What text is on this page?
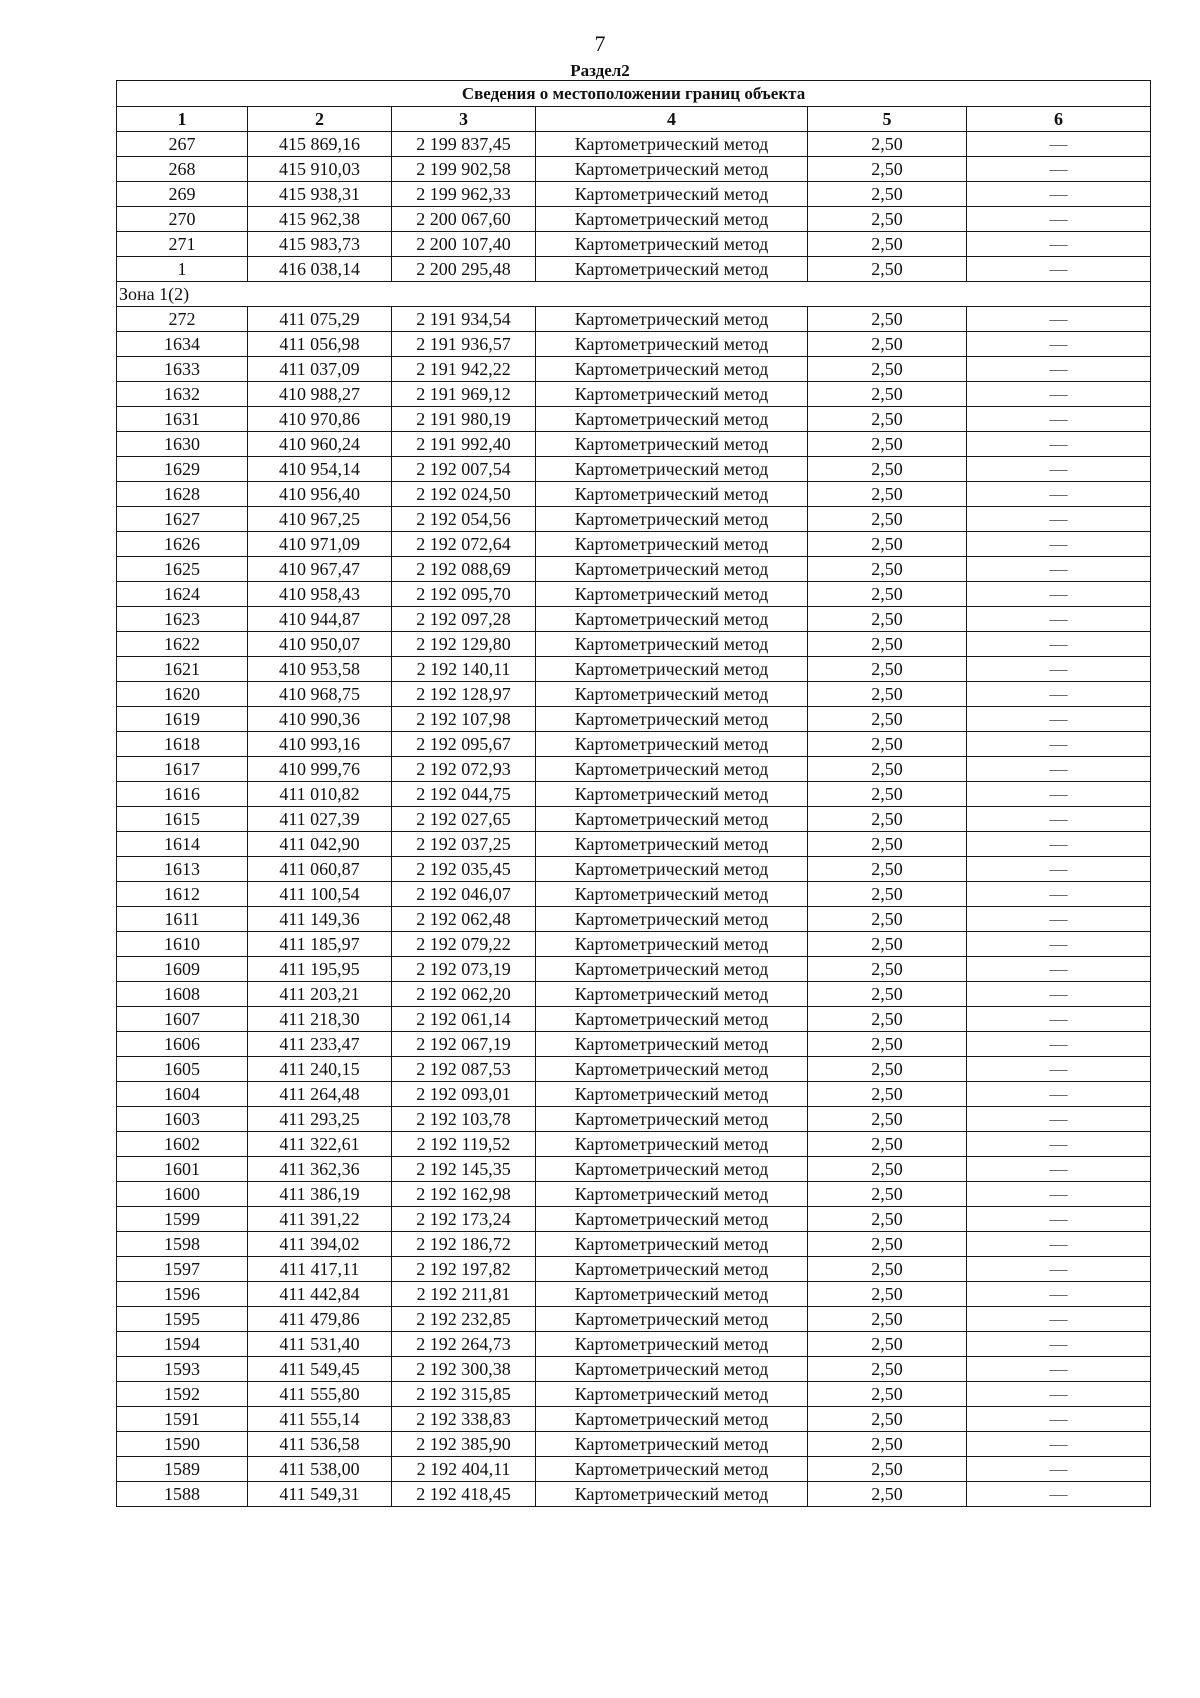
7
Раздел2
Сведения о местоположении границ объекта					
1	2	3	4	5	6
267	415 869,16	2 199 837,45	Картометрический метод	2,50	—
268	415 910,03	2 199 902,58	Картометрический метод	2,50	—
269	415 938,31	2 199 962,33	Картометрический метод	2,50	—
270	415 962,38	2 200 067,60	Картометрический метод	2,50	—
271	415 983,73	2 200 107,40	Картометрический метод	2,50	—
1	416 038,14	2 200 295,48	Картометрический метод	2,50	—
Зона 1(2)					
272	411 075,29	2 191 934,54	Картометрический метод	2,50	—
1634	411 056,98	2 191 936,57	Картометрический метод	2,50	—
1633	411 037,09	2 191 942,22	Картометрический метод	2,50	—
1632	410 988,27	2 191 969,12	Картометрический метод	2,50	—
1631	410 970,86	2 191 980,19	Картометрический метод	2,50	—
1630	410 960,24	2 191 992,40	Картометрический метод	2,50	—
1629	410 954,14	2 192 007,54	Картометрический метод	2,50	—
1628	410 956,40	2 192 024,50	Картометрический метод	2,50	—
1627	410 967,25	2 192 054,56	Картометрический метод	2,50	—
1626	410 971,09	2 192 072,64	Картометрический метод	2,50	—
1625	410 967,47	2 192 088,69	Картометрический метод	2,50	—
1624	410 958,43	2 192 095,70	Картометрический метод	2,50	—
1623	410 944,87	2 192 097,28	Картометрический метод	2,50	—
1622	410 950,07	2 192 129,80	Картометрический метод	2,50	—
1621	410 953,58	2 192 140,11	Картометрический метод	2,50	—
1620	410 968,75	2 192 128,97	Картометрический метод	2,50	—
1619	410 990,36	2 192 107,98	Картометрический метод	2,50	—
1618	410 993,16	2 192 095,67	Картометрический метод	2,50	—
1617	410 999,76	2 192 072,93	Картометрический метод	2,50	—
1616	411 010,82	2 192 044,75	Картометрический метод	2,50	—
1615	411 027,39	2 192 027,65	Картометрический метод	2,50	—
1614	411 042,90	2 192 037,25	Картометрический метод	2,50	—
1613	411 060,87	2 192 035,45	Картометрический метод	2,50	—
1612	411 100,54	2 192 046,07	Картометрический метод	2,50	—
1611	411 149,36	2 192 062,48	Картометрический метод	2,50	—
1610	411 185,97	2 192 079,22	Картометрический метод	2,50	—
1609	411 195,95	2 192 073,19	Картометрический метод	2,50	—
1608	411 203,21	2 192 062,20	Картометрический метод	2,50	—
1607	411 218,30	2 192 061,14	Картометрический метод	2,50	—
1606	411 233,47	2 192 067,19	Картометрический метод	2,50	—
1605	411 240,15	2 192 087,53	Картометрический метод	2,50	—
1604	411 264,48	2 192 093,01	Картометрический метод	2,50	—
1603	411 293,25	2 192 103,78	Картометрический метод	2,50	—
1602	411 322,61	2 192 119,52	Картометрический метод	2,50	—
1601	411 362,36	2 192 145,35	Картометрический метод	2,50	—
1600	411 386,19	2 192 162,98	Картометрический метод	2,50	—
1599	411 391,22	2 192 173,24	Картометрический метод	2,50	—
1598	411 394,02	2 192 186,72	Картометрический метод	2,50	—
1597	411 417,11	2 192 197,82	Картометрический метод	2,50	—
1596	411 442,84	2 192 211,81	Картометрический метод	2,50	—
1595	411 479,86	2 192 232,85	Картометрический метод	2,50	—
1594	411 531,40	2 192 264,73	Картометрический метод	2,50	—
1593	411 549,45	2 192 300,38	Картометрический метод	2,50	—
1592	411 555,80	2 192 315,85	Картометрический метод	2,50	—
1591	411 555,14	2 192 338,83	Картометрический метод	2,50	—
1590	411 536,58	2 192 385,90	Картометрический метод	2,50	—
1589	411 538,00	2 192 404,11	Картометрический метод	2,50	—
1588	411 549,31	2 192 418,45	Картометрический метод	2,50	—
